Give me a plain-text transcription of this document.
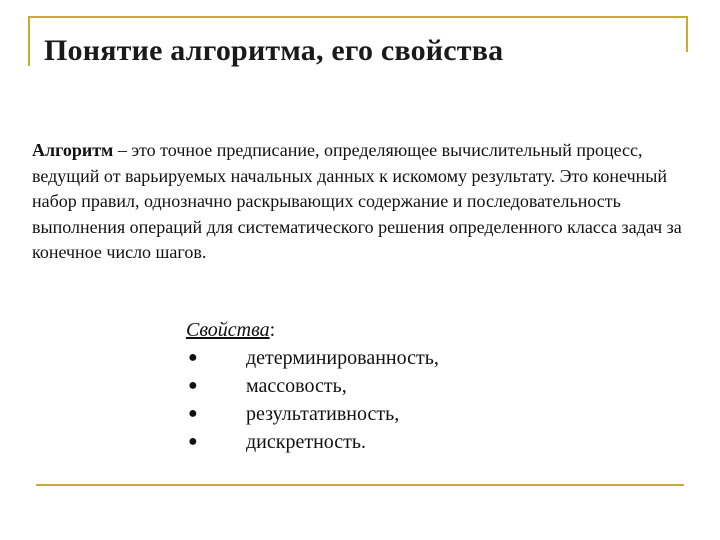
Понятие алгоритма, его свойства
Алгоритм – это точное предписание, определяющее вычислительный процесс, ведущий от варьируемых начальных данных к искомому результату. Это конечный набор правил, однозначно раскрывающих содержание и последовательность выполнения операций для систематического решения определенного класса задач за конечное число шагов.
Свойства:
●	детерминированность,
●	массовость,
●	результативность,
●	дискретность.
